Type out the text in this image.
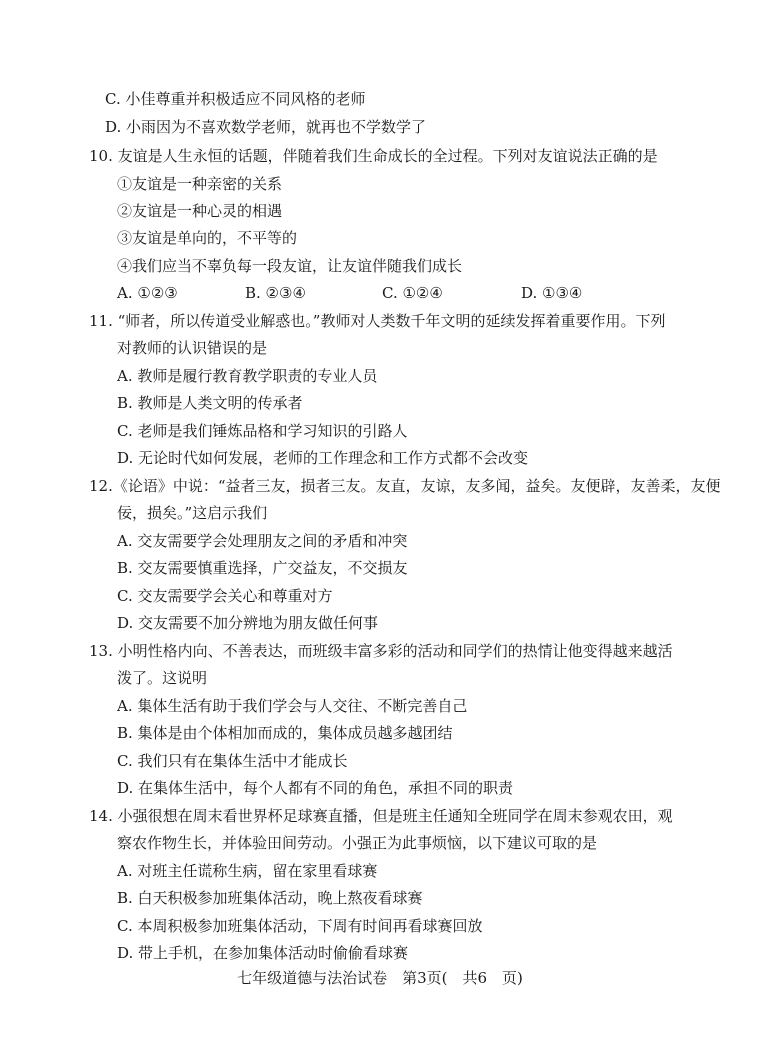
C. 小佳尊重并积极适应不同风格的老师
D. 小雨因为不喜欢数学老师，就再也不学数学了
10. 友谊是人生永恒的话题，伴随着我们生命成长的全过程。下列对友谊说法正确的是
①友谊是一种亲密的关系
②友谊是一种心灵的相遇
③友谊是单向的，不平等的
④我们应当不辜负每一段友谊，让友谊伴随我们成长
A. ①②③	B. ②③④	C. ①②④	D. ①③④
11. “师者，所以传道受业解惑也。”教师对人类数千年文明的延续发挥着重要作用。下列
对教师的认识错误的是
A. 教师是履行教育教学职责的专业人员
B. 教师是人类文明的传承者
C. 老师是我们锤炼品格和学习知识的引路人
D. 无论时代如何发展，老师的工作理念和工作方式都不会改变
12.《论语》中说：“益者三友，损者三友。友直，友谅，友多闻，益矣。友便辟，友善柔，友便
佞，损矣。”这启示我们
A. 交友需要学会处理朋友之间的矛盾和冲突
B. 交友需要慎重选择，广交益友，不交损友
C. 交友需要学会关心和尊重对方
D. 交友需要不加分辨地为朋友做任何事
13. 小明性格内向、不善表达，而班级丰富多彩的活动和同学们的热情让他变得越来越活
泼了。这说明
A. 集体生活有助于我们学会与人交往、不断完善自己
B. 集体是由个体相加而成的，集体成员越多越团结
C. 我们只有在集体生活中才能成长
D. 在集体生活中，每个人都有不同的角色，承担不同的职责
14. 小强很想在周末看世界杯足球赛直播，但是班主任通知全班同学在周末参观农田，观
察农作物生长，并体验田间劳动。小强正为此事烦恼，以下建议可取的是
A. 对班主任谎称生病，留在家里看球赛
B. 白天积极参加班集体活动，晚上熬夜看球赛
C. 本周积极参加班集体活动，下周有时间再看球赛回放
D. 带上手机，在参加集体活动时偷偷看球赛
七年级道德与法治试卷　第3页(　共6　页)
